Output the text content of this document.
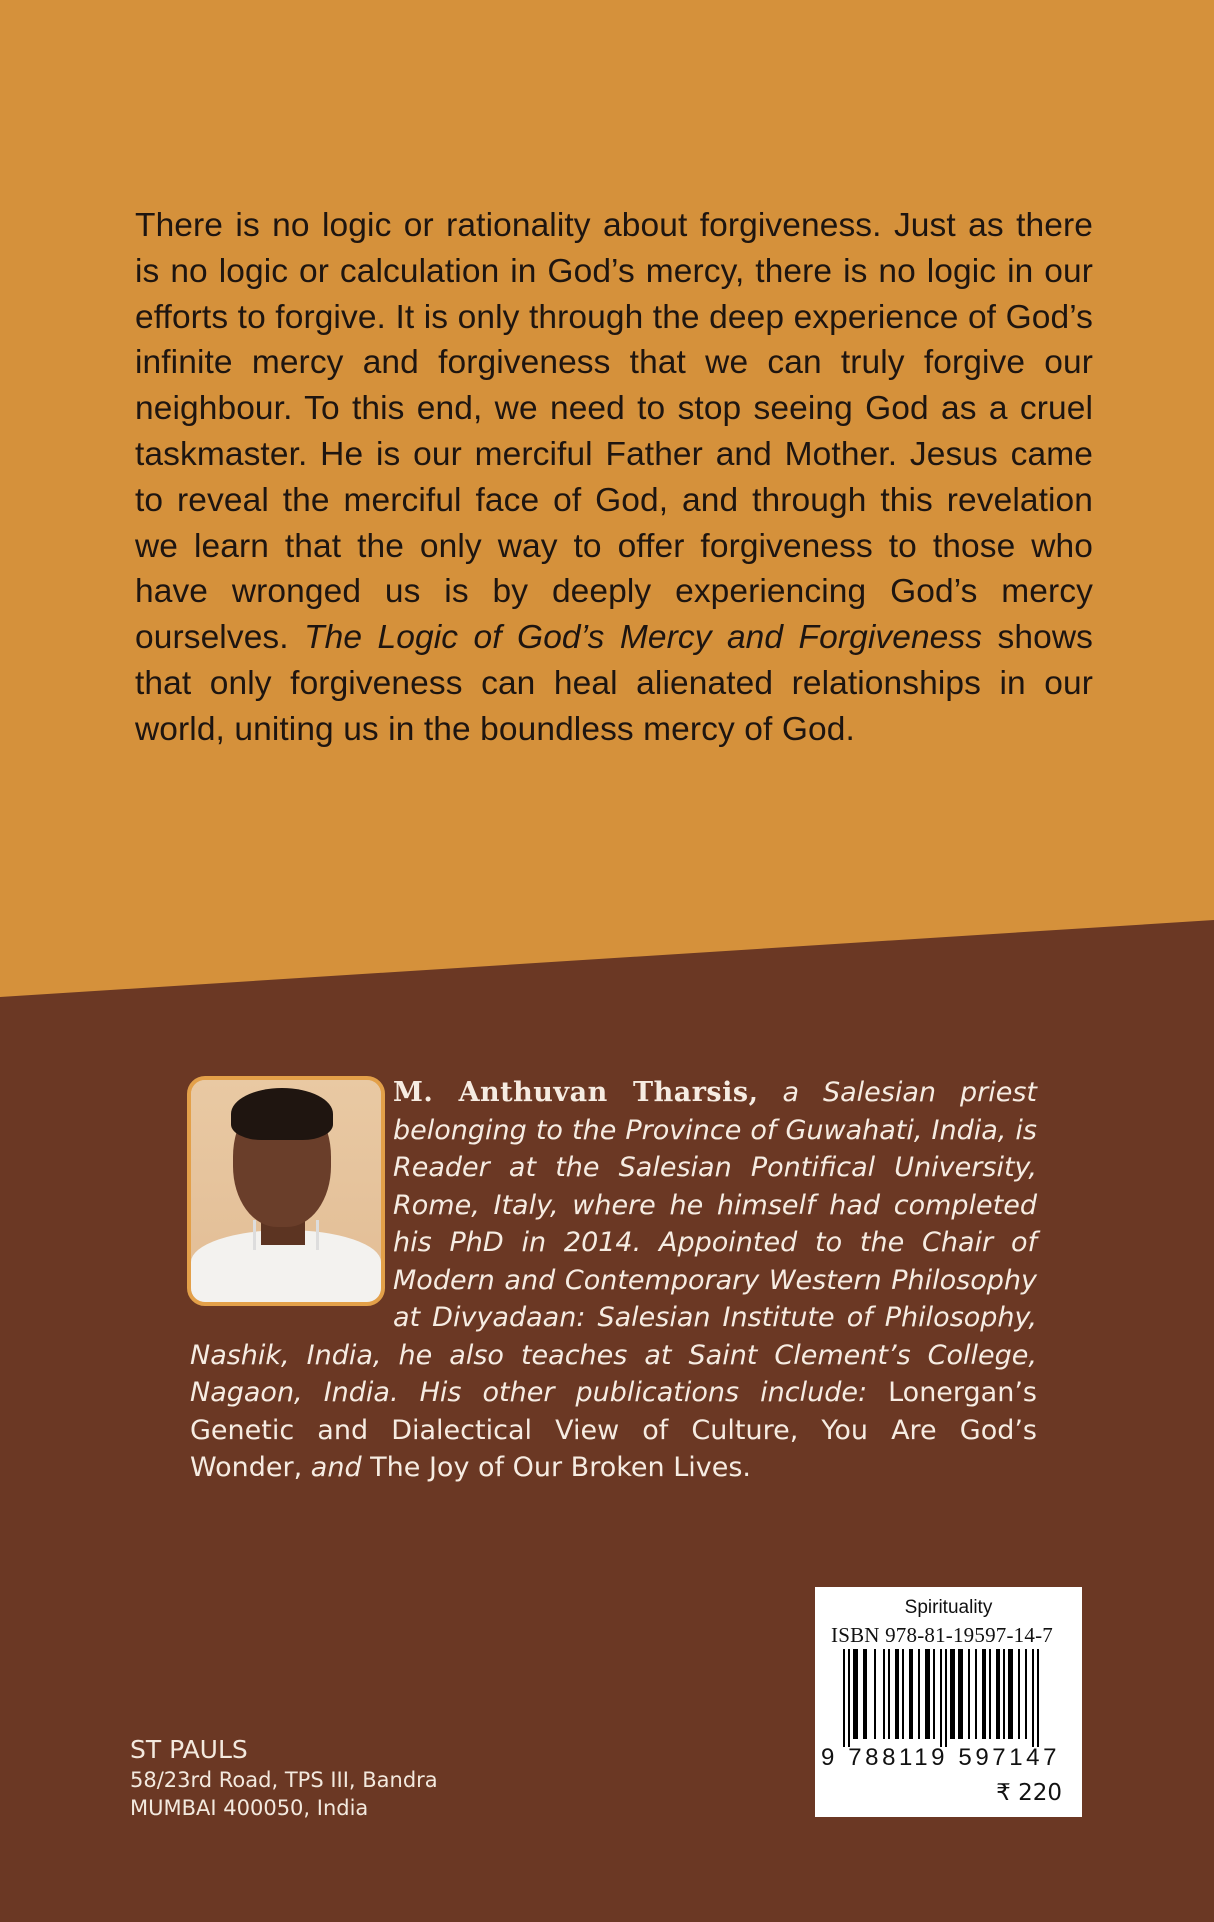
There is no logic or rationality about forgiveness. Just as there is no logic or calculation in God’s mercy, there is no logic in our efforts to forgive. It is only through the deep experience of God’s infinite mercy and forgiveness that we can truly forgive our neighbour. To this end, we need to stop seeing God as a cruel taskmaster. He is our merciful Father and Mother. Jesus came to reveal the merciful face of God, and through this revelation we learn that the only way to offer forgiveness to those who have wronged us is by deeply experiencing God’s mercy ourselves. The Logic of God’s Mercy and Forgiveness shows that only forgiveness can heal alienated relationships in our world, uniting us in the boundless mercy of God.
M. Anthuvan Tharsis, a Salesian priest belonging to the Province of Guwahati, India, is Reader at the Salesian Pontifical University, Rome, Italy, where he himself had completed his PhD in 2014. Appointed to the Chair of Modern and Contemporary Western Philosophy at Divyadaan: Salesian Institute of Philosophy, Nashik, India, he also teaches at Saint Clement’s College, Nagaon, India. His other publications include: Lonergan’s Genetic and Dialectical View of Culture, You Are God’s Wonder, and The Joy of Our Broken Lives.
ST PAULS
58/23rd Road, TPS III, Bandra
MUMBAI 400050, India
Spirituality
ISBN 978-81-19597-14-7
9 788119 597147
₹ 220
